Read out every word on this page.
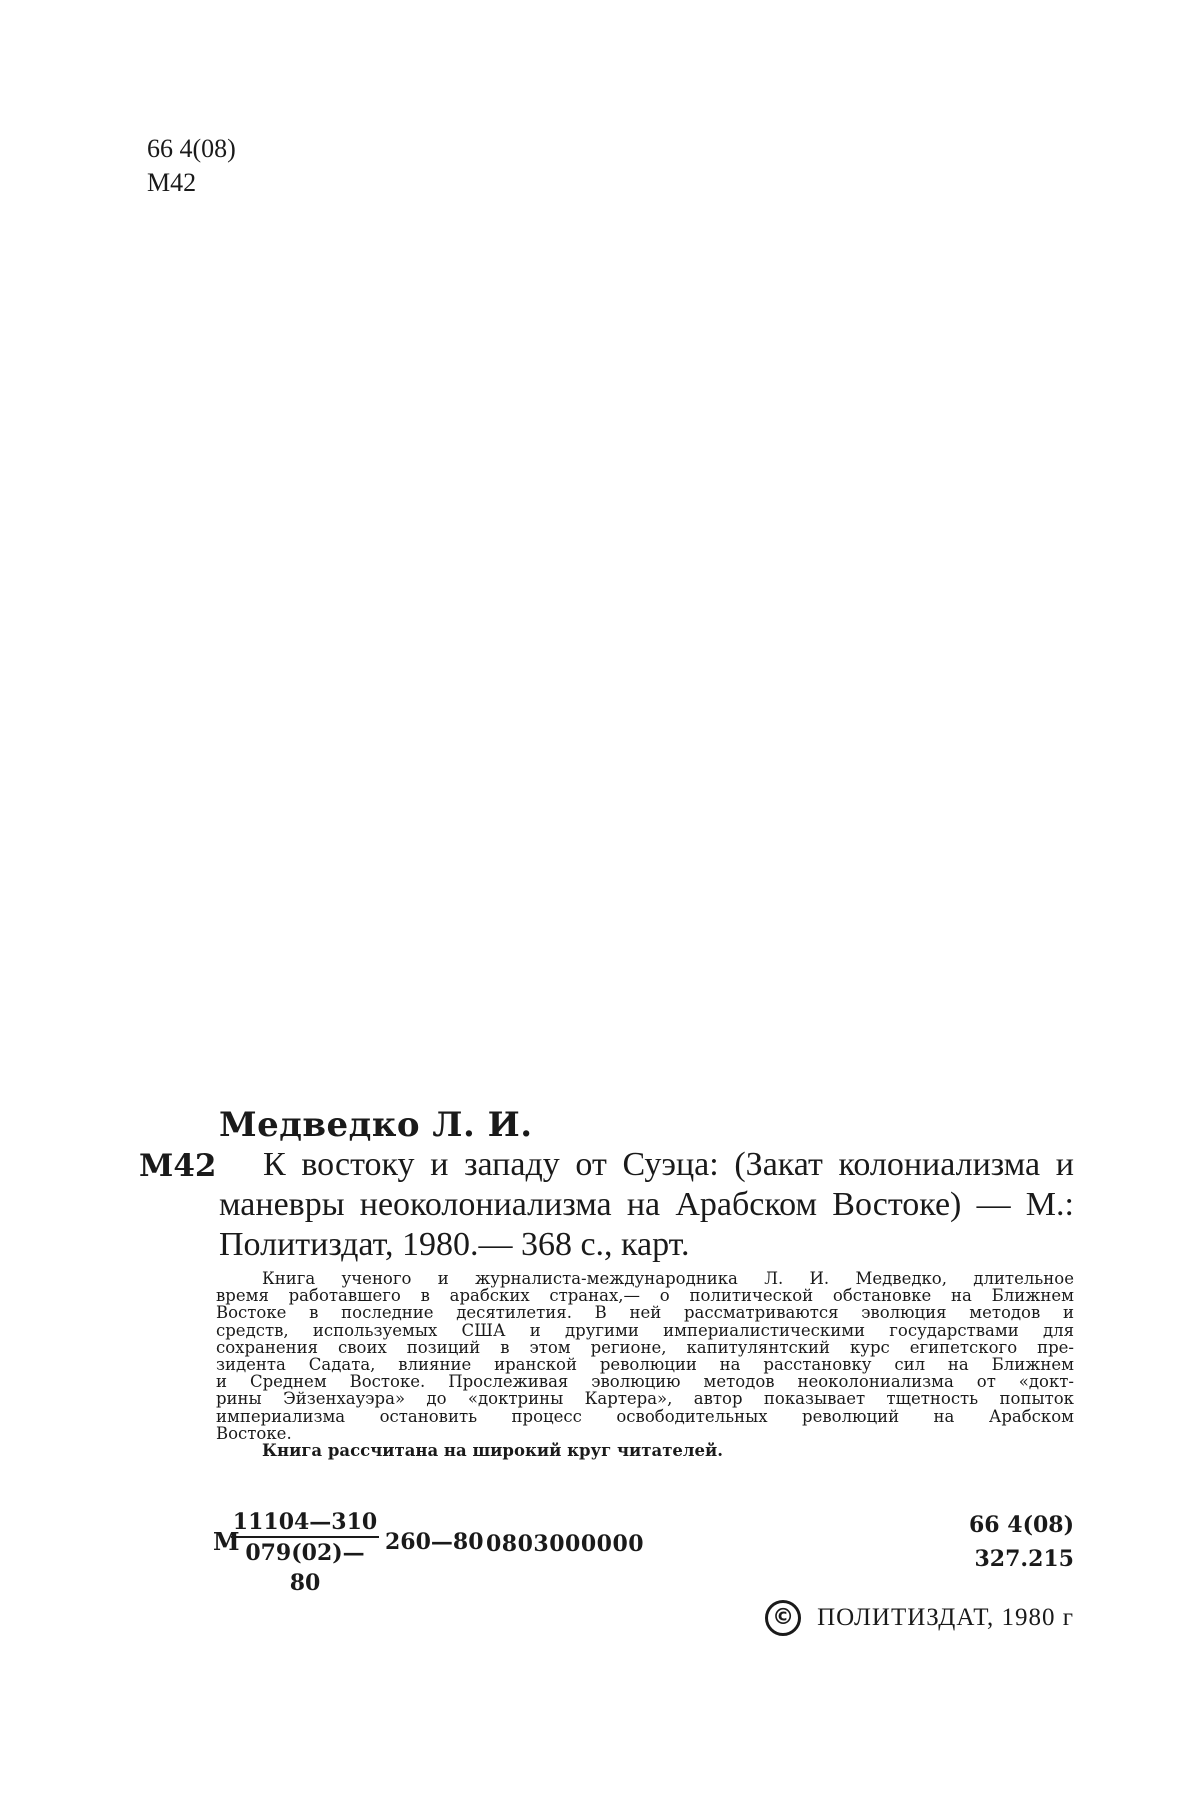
66 4(08)
М42
Медведко Л. И.
М42	К востоку и западу от Суэца: (Закат колониализма и
маневры неоколониализма на Арабском Востоке) — М.:
Политиздат, 1980.— 368 с., карт.
Книга ученого и журналиста-международника Л. И. Медведко, длительное
время работавшего в арабских странах,— о политической обстановке на Ближнем
Востоке в последние десятилетия. В ней рассматриваются эволюция методов и
средств, используемых США и другими империалистическими государствами для
сохранения своих позиций в этом регионе, капитулянтский курс египетского пре-
зидента Садата, влияние иранской революции на расстановку сил на Ближнем
и Среднем Востоке. Прослеживая эволюцию методов неоколониализма от «докт-
рины Эйзенхауэра» до «доктрины Картера», автор показывает тщетность попыток
империализма остановить процесс освободительных революций на Арабском
Востоке.
Книга рассчитана на широкий круг читателей.
М
11104—310
079(02)—80
260—80 0803000000
66 4(08)
327.215
© ПОЛИТИЗДАТ, 1980 г
